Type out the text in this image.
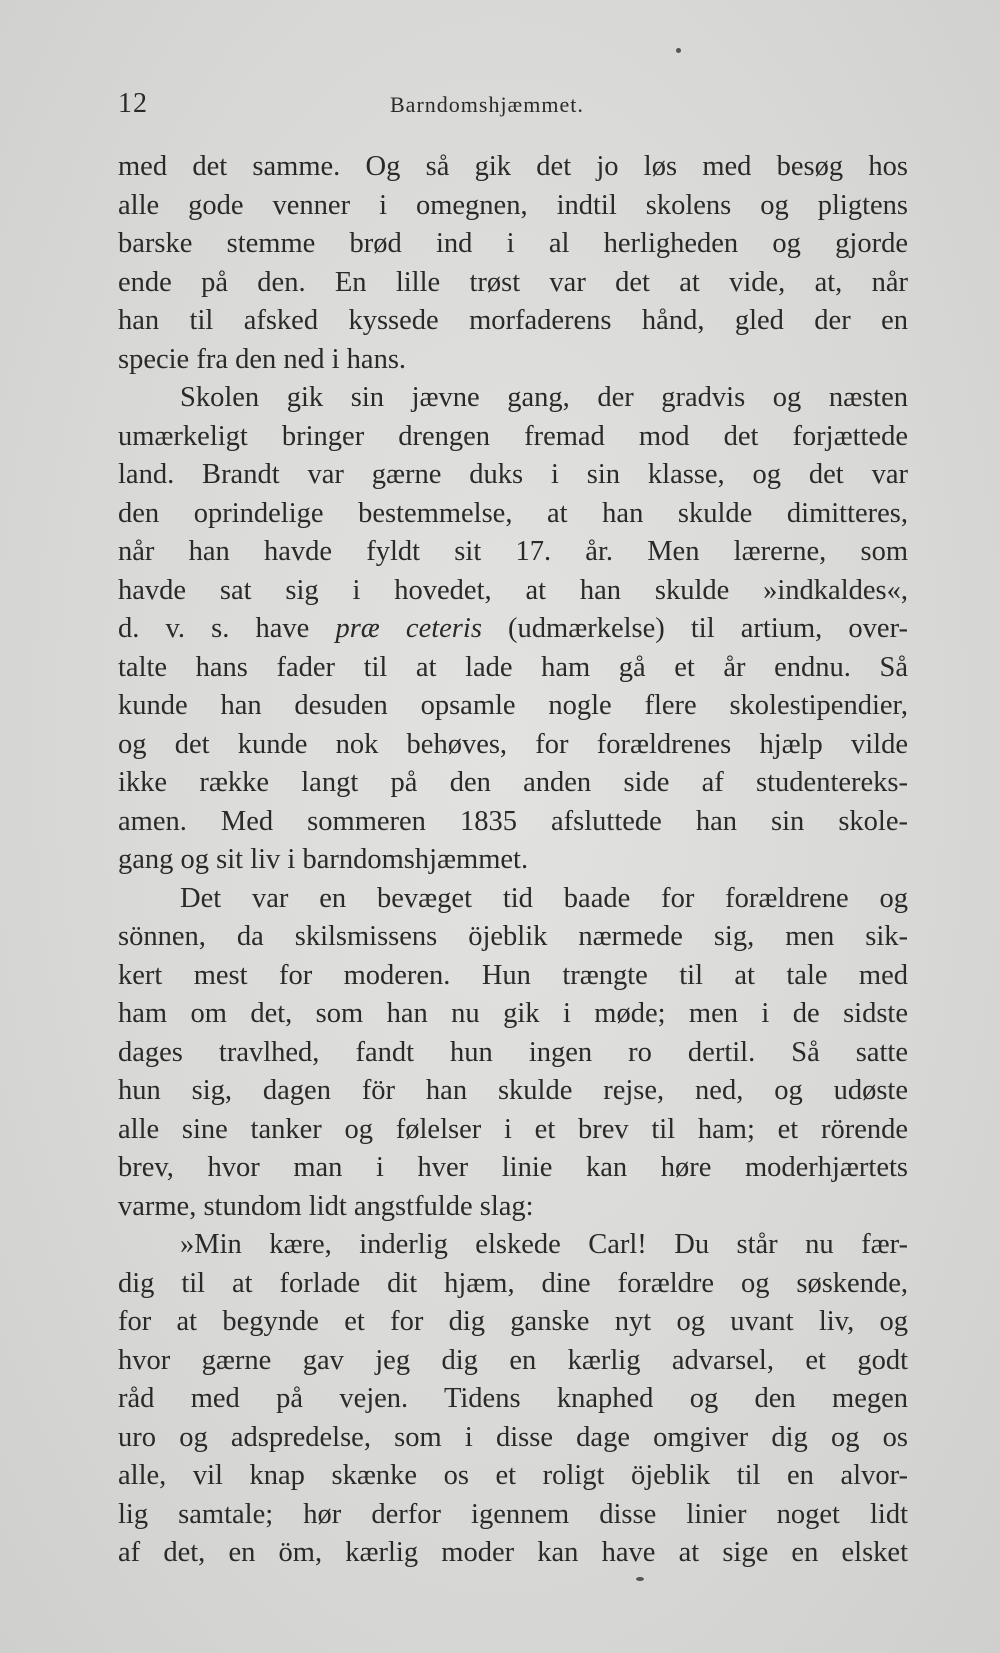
12	Barndomshjæmmet.
med det samme. Og så gik det jo løs med besøg hos
alle gode venner i omegnen, indtil skolens og pligtens
barske stemme brød ind i al herligheden og gjorde
ende på den. En lille trøst var det at vide, at, når
han til afsked kyssede morfaderens hånd, gled der en
specie fra den ned i hans.
Skolen gik sin jævne gang, der gradvis og næsten
umærkeligt bringer drengen fremad mod det forjættede
land. Brandt var gærne duks i sin klasse, og det var
den oprindelige bestemmelse, at han skulde dimitteres,
når han havde fyldt sit 17. år. Men lærerne, som
havde sat sig i hovedet, at han skulde »indkaldes«,
d. v. s. have præ ceteris (udmærkelse) til artium, over-
talte hans fader til at lade ham gå et år endnu. Så
kunde han desuden opsamle nogle flere skolestipendier,
og det kunde nok behøves, for forældrenes hjælp vilde
ikke række langt på den anden side af studentereks-
amen. Med sommeren 1835 afsluttede han sin skole-
gang og sit liv i barndomshjæmmet.
Det var en bevæget tid baade for forældrene og
sönnen, da skilsmissens öjeblik nærmede sig, men sik-
kert mest for moderen. Hun trængte til at tale med
ham om det, som han nu gik i møde; men i de sidste
dages travlhed, fandt hun ingen ro dertil. Så satte
hun sig, dagen för han skulde rejse, ned, og udøste
alle sine tanker og følelser i et brev til ham; et rörende
brev, hvor man i hver linie kan høre moderhjærtets
varme, stundom lidt angstfulde slag:
»Min kære, inderlig elskede Carl! Du står nu fær-
dig til at forlade dit hjæm, dine forældre og søskende,
for at begynde et for dig ganske nyt og uvant liv, og
hvor gærne gav jeg dig en kærlig advarsel, et godt
råd med på vejen. Tidens knaphed og den megen
uro og adspredelse, som i disse dage omgiver dig og os
alle, vil knap skænke os et roligt öjeblik til en alvor-
lig samtale; hør derfor igennem disse linier noget lidt
af det, en öm, kærlig moder kan have at sige en elsket
